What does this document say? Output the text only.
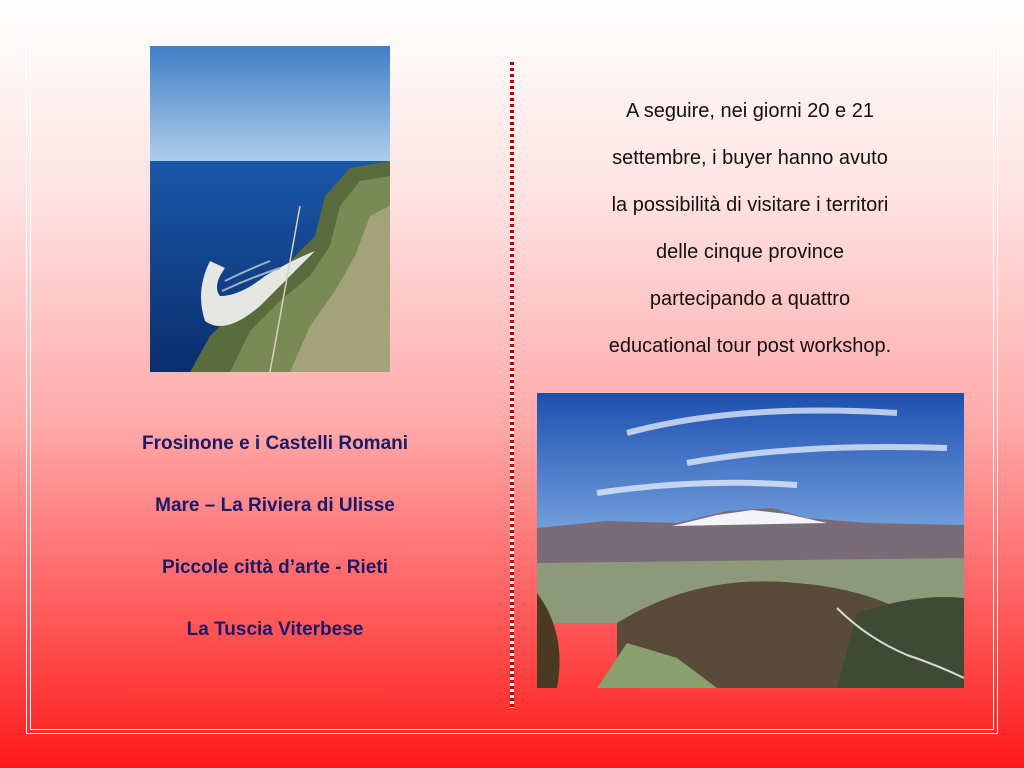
A seguire, nei giorni 20 e 21
settembre, i buyer hanno avuto
la possibilità di visitare i territori
delle cinque province
partecipando a quattro
educational tour post workshop.
Frosinone e i Castelli Romani
Mare – La Riviera di Ulisse
Piccole città d’arte - Rieti
La Tuscia Viterbese
